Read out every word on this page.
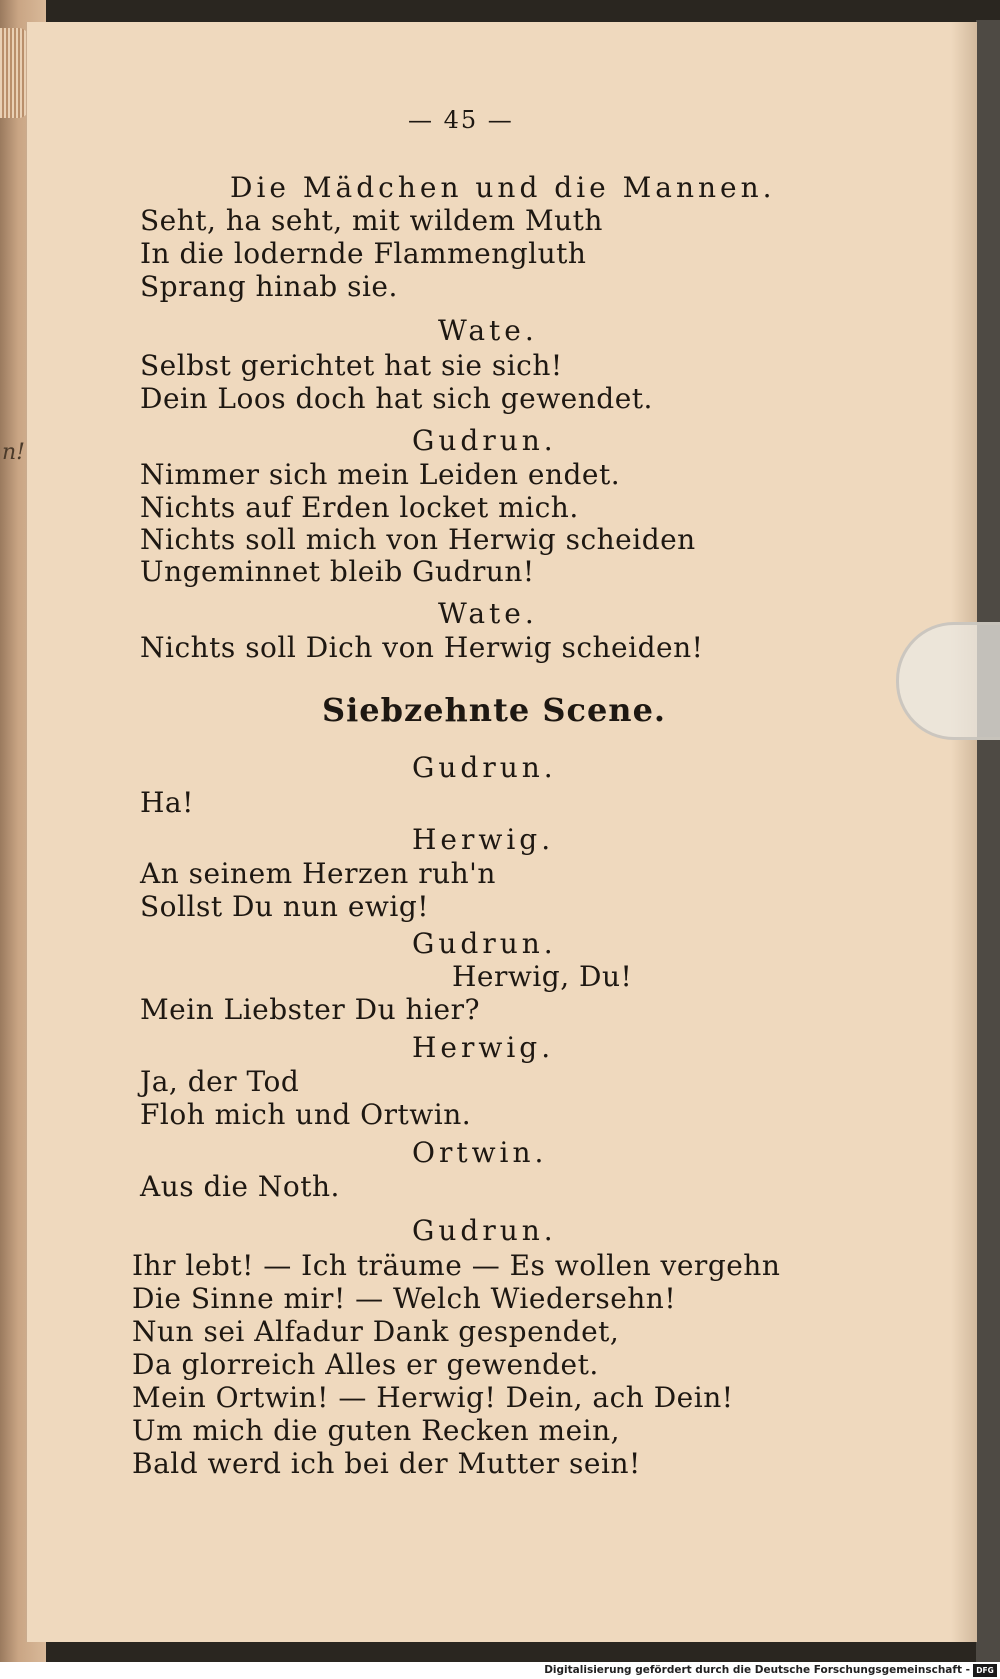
n!
— 45 —
Die Mädchen und die Mannen.
Seht, ha seht, mit wildem Muth
In die lodernde Flammengluth
Sprang hinab sie.
Wate.
Selbst gerichtet hat sie sich!
Dein Loos doch hat sich gewendet.
Gudrun.
Nimmer sich mein Leiden endet.
Nichts auf Erden locket mich.
Nichts soll mich von Herwig scheiden
Ungeminnet bleib Gudrun!
Wate.
Nichts soll Dich von Herwig scheiden!
Siebzehnte Scene.
Gudrun.
Ha!
Herwig.
An seinem Herzen ruh'n
Sollst Du nun ewig!
Gudrun.
Herwig, Du!
Mein Liebster Du hier?
Herwig.
Ja, der Tod
Floh mich und Ortwin.
Ortwin.
Aus die Noth.
Gudrun.
Ihr lebt! — Ich träume — Es wollen vergehn
Die Sinne mir! — Welch Wiedersehn!
Nun sei Alfadur Dank gespendet,
Da glorreich Alles er gewendet.
Mein Ortwin! — Herwig! Dein, ach Dein!
Um mich die guten Recken mein,
Bald werd ich bei der Mutter sein!
Digitalisierung gefördert durch die Deutsche Forschungsgemeinschaft - DFG
